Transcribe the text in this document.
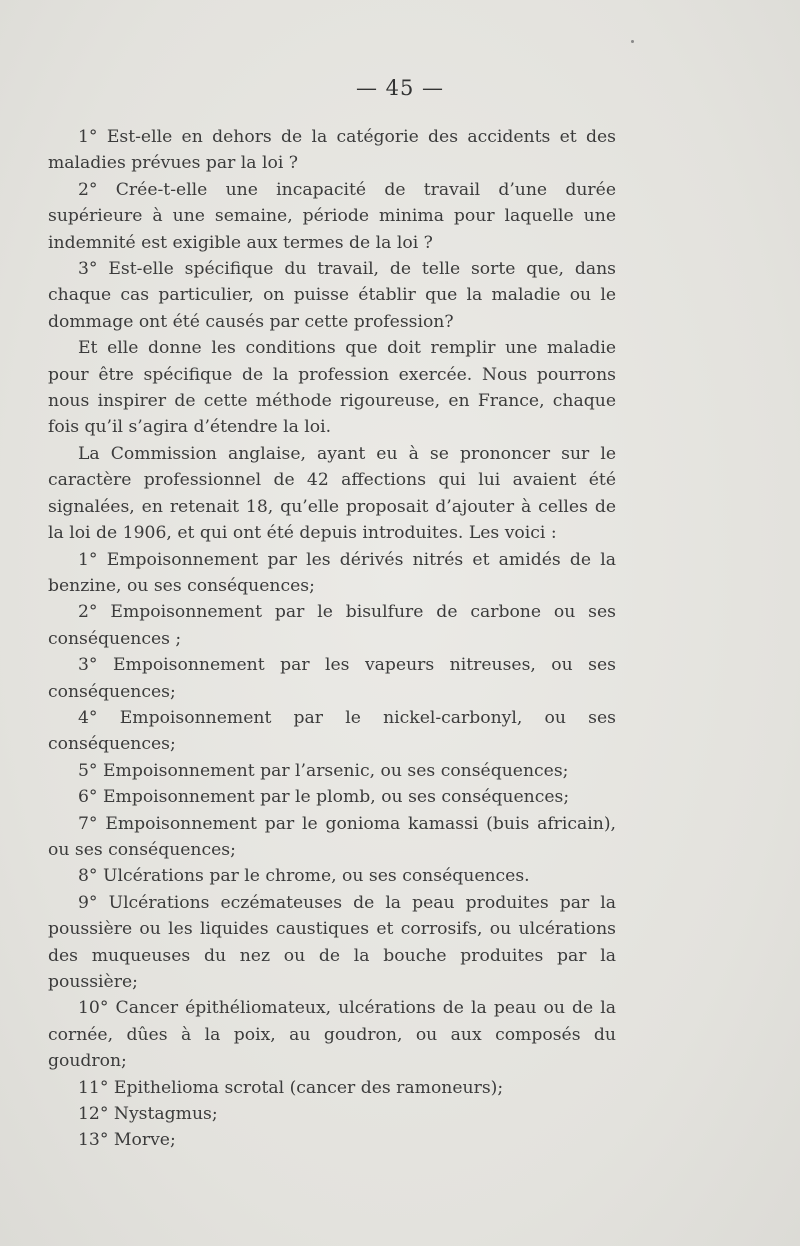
— 45 —

1° Est-elle en dehors de la catégorie des accidents et des maladies prévues par la loi ?

2° Crée-t-elle une incapacité de travail d’une durée supérieure à une semaine, période minima pour laquelle une indemnité est exigible aux termes de la loi ?

3° Est-elle spécifique du travail, de telle sorte que, dans chaque cas particulier, on puisse établir que la maladie ou le dommage ont été causés par cette profession?

Et elle donne les conditions que doit remplir une maladie pour être spécifique de la profession exercée. Nous pourrons nous inspirer de cette méthode rigoureuse, en France, chaque fois qu’il s’agira d’étendre la loi.

La Commission anglaise, ayant eu à se prononcer sur le caractère professionnel de 42 affections qui lui avaient été signalées, en retenait 18, qu’elle proposait d’ajouter à celles de la loi de 1906, et qui ont été depuis introduites. Les voici :

1° Empoisonnement par les dérivés nitrés et amidés de la benzine, ou ses conséquences;

2° Empoisonnement par le bisulfure de carbone ou ses conséquences ;

3° Empoisonnement par les vapeurs nitreuses, ou ses conséquences;

4° Empoisonnement par le nickel-carbonyl, ou ses conséquences;

5° Empoisonnement par l’arsenic, ou ses conséquences;

6° Empoisonnement par le plomb, ou ses conséquences;

7° Empoisonnement par le gonioma kamassi (buis africain), ou ses conséquences;

8° Ulcérations par le chrome, ou ses conséquences.

9° Ulcérations eczémateuses de la peau produites par la poussière ou les liquides caustiques et corrosifs, ou ulcérations des muqueuses du nez ou de la bouche produites par la poussière;

10° Cancer épithéliomateux, ulcérations de la peau ou de la cornée, dûes à la poix, au goudron, ou aux composés du goudron;

11° Epithelioma scrotal (cancer des ramoneurs);

12° Nystagmus;

13° Morve;
